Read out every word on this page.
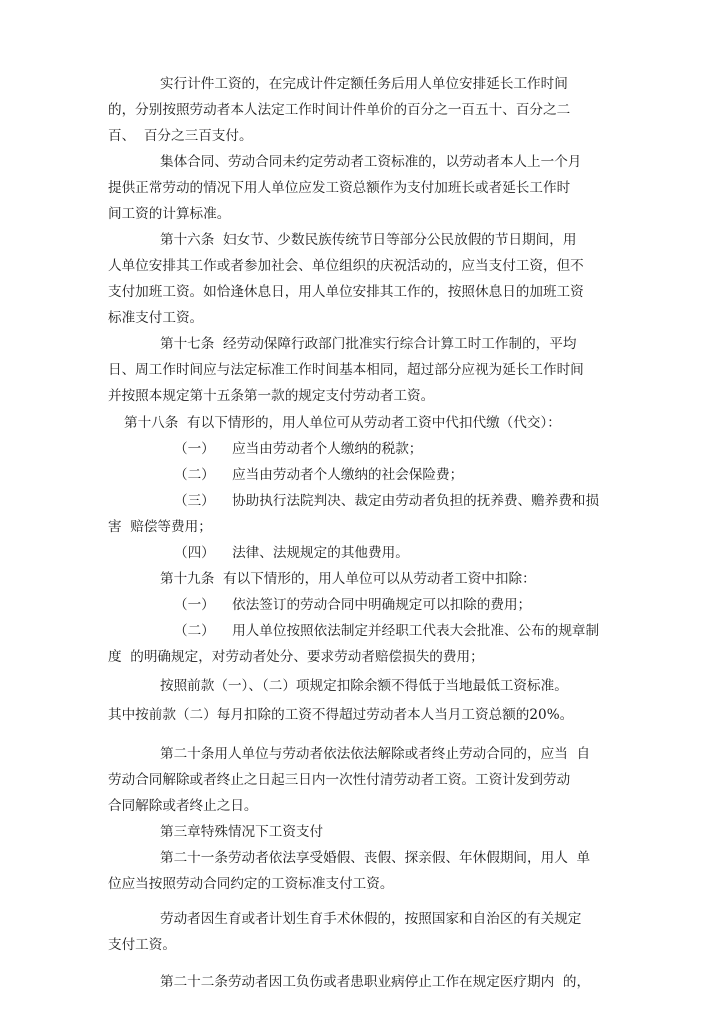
实行计件工资的，在完成计件定额任务后用人单位安排延长工作时间
的，分别按照劳动者本人法定工作时间计件单价的百分之一百五十、百分之二
百、  百分之三百支付。
集体合同、劳动合同未约定劳动者工资标准的，以劳动者本人上一个月
提供正常劳动的情况下用人单位应发工资总额作为支付加班长或者延长工作时
间工资的计算标准。
第十六条  妇女节、少数民族传统节日等部分公民放假的节日期间，用
人单位安排其工作或者参加社会、单位组织的庆祝活动的，应当支付工资，但不
支付加班工资。如恰逢休息日，用人单位安排其工作的，按照休息日的加班工资
标准支付工资。
第十七条  经劳动保障行政部门批准实行综合计算工时工作制的，平均
日、周工作时间应与法定标准工作时间基本相同，超过部分应视为延长工作时间
并按照本规定第十五条第一款的规定支付劳动者工资。
第十八条  有以下情形的，用人单位可从劳动者工资中代扣代缴（代交）：
（一）    应当由劳动者个人缴纳的税款；
（二）    应当由劳动者个人缴纳的社会保险费；
（三）    协助执行法院判决、裁定由劳动者负担的抚养费、赡养费和损
害  赔偿等费用；
（四）    法律、法规规定的其他费用。
第十九条  有以下情形的，用人单位可以从劳动者工资中扣除：
（一）    依法签订的劳动合同中明确规定可以扣除的费用；
（二）    用人单位按照依法制定并经职工代表大会批准、公布的规章制
度  的明确规定，对劳动者处分、要求劳动者赔偿损失的费用；
按照前款（一）、（二）项规定扣除余额不得低于当地最低工资标准。
其中按前款（二）每月扣除的工资不得超过劳动者本人当月工资总额的20%。
第二十条用人单位与劳动者依法依法解除或者终止劳动合同的，应当  自
劳动合同解除或者终止之日起三日内一次性付清劳动者工资。工资计发到劳动
合同解除或者终止之日。
第三章特殊情况下工资支付
第二十一条劳动者依法享受婚假、丧假、探亲假、年休假期间，用人  单
位应当按照劳动合同约定的工资标准支付工资。
劳动者因生育或者计划生育手术休假的，按照国家和自治区的有关规定
支付工资。
第二十二条劳动者因工负伤或者患职业病停止工作在规定医疗期内  的，
